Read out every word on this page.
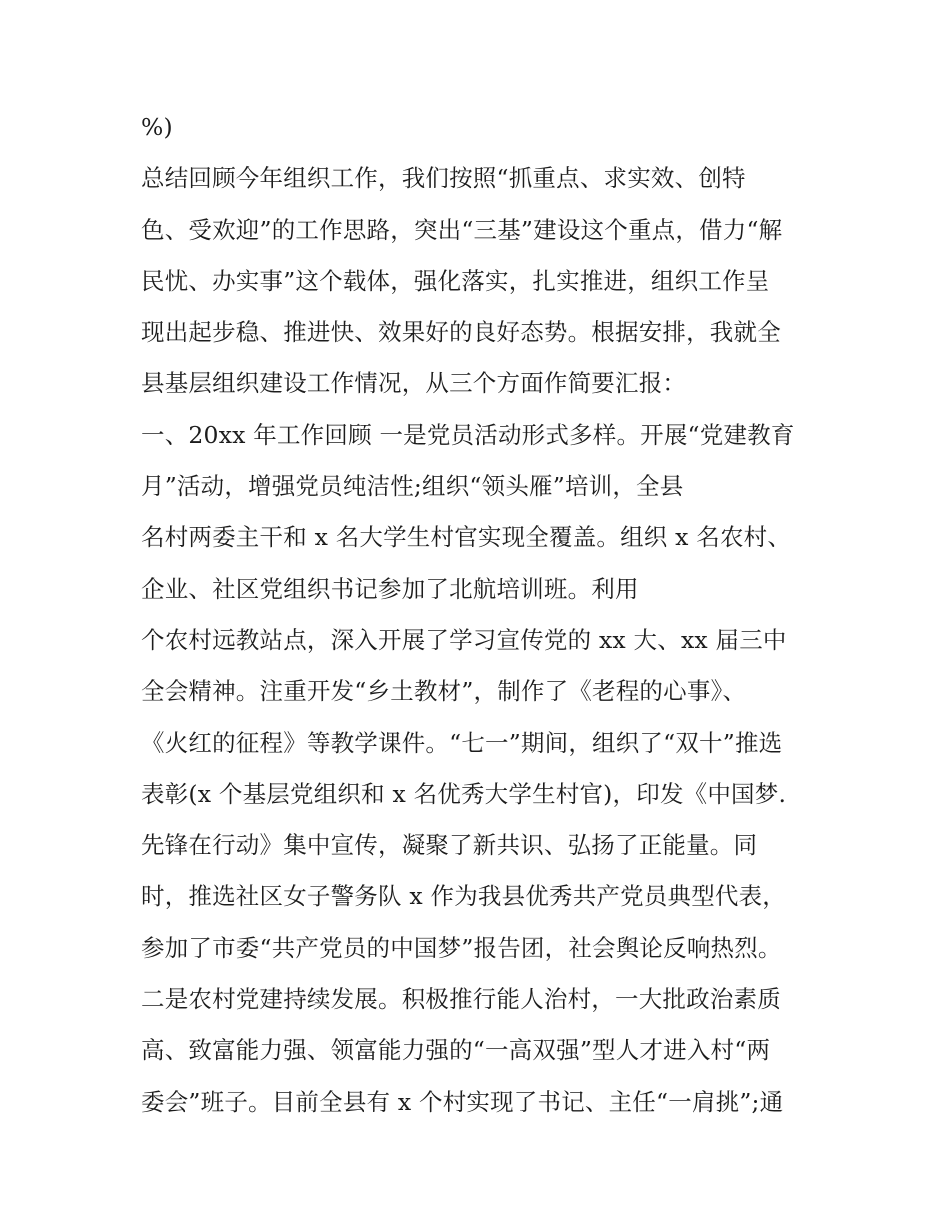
%)
总结回顾今年组织工作，我们按照“抓重点、求实效、创特
色、受欢迎”的工作思路，突出“三基”建设这个重点，借力“解
民忧、办实事”这个载体，强化落实，扎实推进，组织工作呈
现出起步稳、推进快、效果好的良好态势。根据安排，我就全
县基层组织建设工作情况，从三个方面作简要汇报：
一、20xx 年工作回顾 一是党员活动形式多样。开展“党建教育
月”活动，增强党员纯洁性;组织“领头雁”培训，全县
名村两委主干和 x 名大学生村官实现全覆盖。组织 x 名农村、
企业、社区党组织书记参加了北航培训班。利用
个农村远教站点，深入开展了学习宣传党的 xx 大、xx 届三中
全会精神。注重开发“乡土教材”，制作了《老程的心事》、
《火红的征程》等教学课件。“七一”期间，组织了“双十”推选
表彰(x 个基层党组织和 x 名优秀大学生村官)，印发《中国梦.
先锋在行动》集中宣传，凝聚了新共识、弘扬了正能量。同
时，推选社区女子警务队 x 作为我县优秀共产党员典型代表，
参加了市委“共产党员的中国梦”报告团，社会舆论反响热烈。
二是农村党建持续发展。积极推行能人治村，一大批政治素质
高、致富能力强、领富能力强的“一高双强”型人才进入村“两
委会”班子。目前全县有 x 个村实现了书记、主任“一肩挑”;通
